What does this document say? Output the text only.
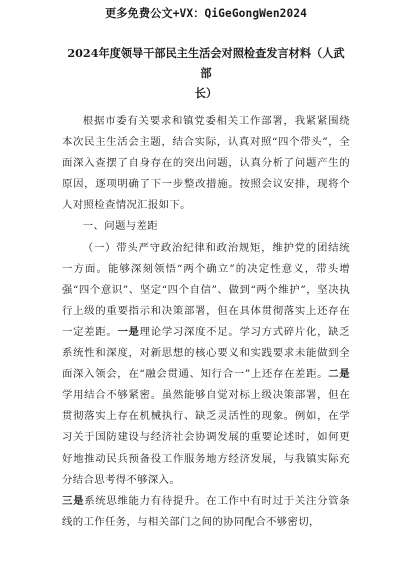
更多免费公文+VX：QiGeGongWen2024
2024年度领导干部民主生活会对照检查发言材料（人武部
长）

根据市委有关要求和镇党委相关工作部署，我紧紧围绕本次民主生活会主题，结合实际，认真对照“四个带头”，全面深入查摆了自身存在的突出问题，认真分析了问题产生的原因，逐项明确了下一步整改措施。按照会议安排，现将个人对照检查情况汇报如下。

一、问题与差距

（一）带头严守政治纪律和政治规矩，维护党的团结统一方面。能够深刻领悟“两个确立”的决定性意义，带头增强“四个意识”、坚定“四个自信”、做到“两个维护”，坚决执行上级的重要指示和决策部署，但在具体贯彻落实上还存在一定差距。一是理论学习深度不足。学习方式碎片化，缺乏系统性和深度，对新思想的核心要义和实践要求未能做到全面深入领会，在“融会贯通、知行合一”上还存在差距。二是学用结合不够紧密。虽然能够自觉对标上级决策部署，但在贯彻落实上存在机械执行、缺乏灵活性的现象。例如，在学习关于国防建设与经济社会协调发展的重要论述时，如何更好地推动民兵预备役工作服务地方经济发展，与我镇实际充分结合思考得不够深入。

三是系统思维能力有待提升。在工作中有时过于关注分管条线的工作任务，与相关部门之间的协同配合不够密切，
